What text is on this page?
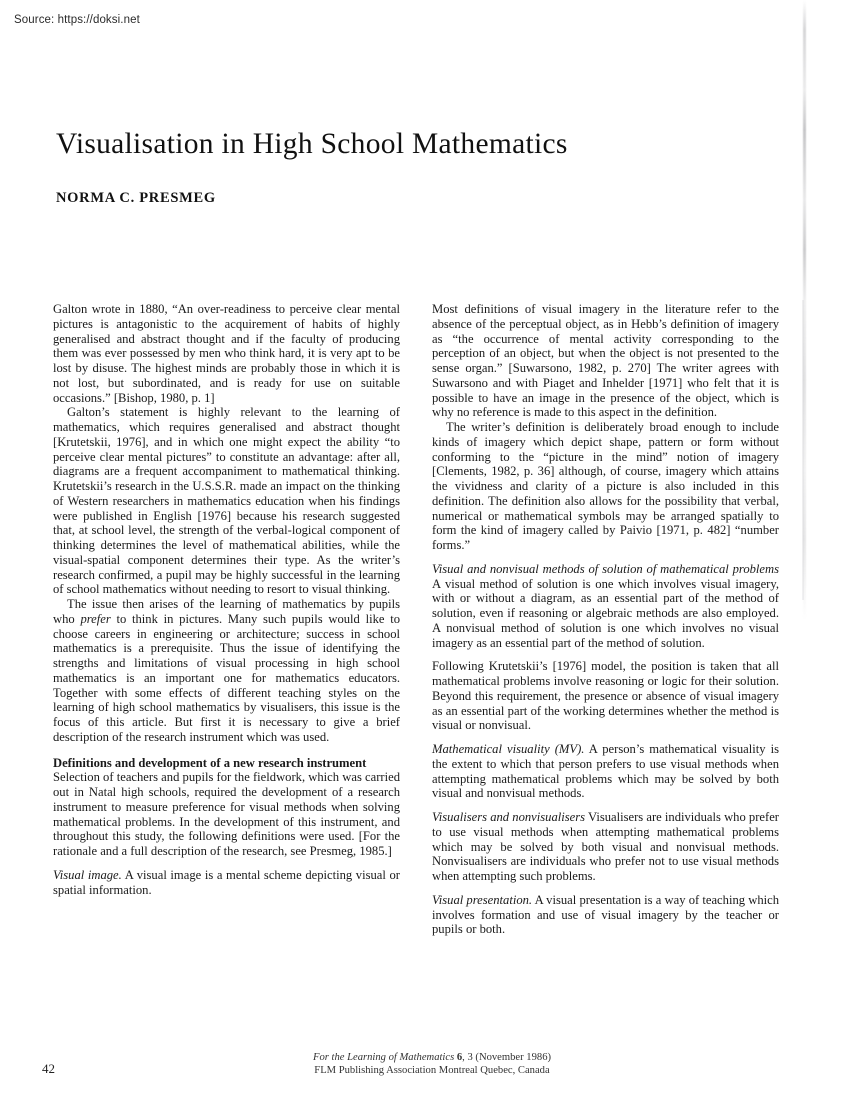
Source: https://doksi.net
Visualisation in High School Mathematics
NORMA C. PRESMEG

Galton wrote in 1880, “An over-readiness to perceive clear mental pictures is antagonistic to the acquirement of habits of highly generalised and abstract thought and if the faculty of producing them was ever possessed by men who think hard, it is very apt to be lost by disuse. The highest minds are probably those in which it is not lost, but subordinated, and is ready for use on suitable occasions.” [Bishop, 1980, p. 1]

Galton’s statement is highly relevant to the learning of mathematics, which requires generalised and abstract thought [Krutetskii, 1976], and in which one might expect the ability “to perceive clear mental pictures” to constitute an advantage: after all, diagrams are a frequent accompaniment to mathematical thinking. Krutetskii’s research in the U.S.S.R. made an impact on the thinking of Western researchers in mathematics education when his findings were published in English [1976] because his research suggested that, at school level, the strength of the verbal-logical component of thinking determines the level of mathematical abilities, while the visual-spatial component determines their type. As the writer’s research confirmed, a pupil may be highly successful in the learning of school mathematics without needing to resort to visual thinking.

The issue then arises of the learning of mathematics by pupils who prefer to think in pictures. Many such pupils would like to choose careers in engineering or architecture; success in school mathematics is a prerequisite. Thus the issue of identifying the strengths and limitations of visual processing in high school mathematics is an important one for mathematics educators. Together with some effects of different teaching styles on the learning of high school mathematics by visualisers, this issue is the focus of this article. But first it is necessary to give a brief description of the research instrument which was used.

Definitions and development of a new research instrument
Selection of teachers and pupils for the fieldwork, which was carried out in Natal high schools, required the development of a research instrument to measure preference for visual methods when solving mathematical problems. In the development of this instrument, and throughout this study, the following definitions were used. [For the rationale and a full description of the research, see Presmeg, 1985.]

Visual image. A visual image is a mental scheme depicting visual or spatial information.

Most definitions of visual imagery in the literature refer to the absence of the perceptual object, as in Hebb’s definition of imagery as “the occurrence of mental activity corresponding to the perception of an object, but when the object is not presented to the sense organ.” [Suwarsono, 1982, p. 270] The writer agrees with Suwarsono and with Piaget and Inhelder [1971] who felt that it is possible to have an image in the presence of the object, which is why no reference is made to this aspect in the definition.

The writer’s definition is deliberately broad enough to include kinds of imagery which depict shape, pattern or form without conforming to the “picture in the mind” notion of imagery [Clements, 1982, p. 36] although, of course, imagery which attains the vividness and clarity of a picture is also included in this definition. The definition also allows for the possibility that verbal, numerical or mathematical symbols may be arranged spatially to form the kind of imagery called by Paivio [1971, p. 482] “number forms.”

Visual and nonvisual methods of solution of mathematical problems A visual method of solution is one which involves visual imagery, with or without a diagram, as an essential part of the method of solution, even if reasoning or algebraic methods are also employed. A nonvisual method of solution is one which involves no visual imagery as an essential part of the method of solution.

Following Krutetskii’s [1976] model, the position is taken that all mathematical problems involve reasoning or logic for their solution. Beyond this requirement, the presence or absence of visual imagery as an essential part of the working determines whether the method is visual or nonvisual.

Mathematical visuality (MV). A person’s mathematical visuality is the extent to which that person prefers to use visual methods when attempting mathematical problems which may be solved by both visual and nonvisual methods.

Visualisers and nonvisualisers Visualisers are individuals who prefer to use visual methods when attempting mathematical problems which may be solved by both visual and nonvisual methods. Nonvisualisers are individuals who prefer not to use visual methods when attempting such problems.

Visual presentation. A visual presentation is a way of teaching which involves formation and use of visual imagery by the teacher or pupils or both.

42
For the Learning of Mathematics 6, 3 (November 1986)
FLM Publishing Association Montreal Quebec, Canada
